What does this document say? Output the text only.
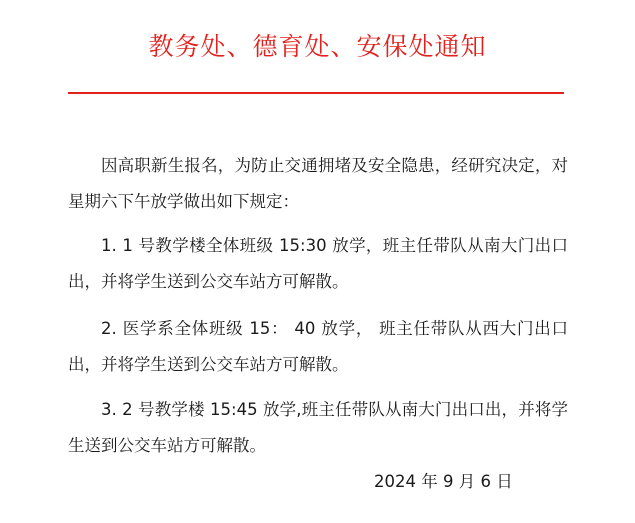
教务处、德育处、安保处通知

因高职新生报名，为防止交通拥堵及安全隐患，经研究决定，对星期六下午放学做出如下规定：

1. 1 号教学楼全体班级 15:30 放学，班主任带队从南大门出口出，并将学生送到公交车站方可解散。

2. 医学系全体班级 15： 40 放学， 班主任带队从西大门出口出，并将学生送到公交车站方可解散。

3. 2 号教学楼 15:45 放学,班主任带队从南大门出口出，并将学生送到公交车站方可解散。

2024 年 9 月 6 日
